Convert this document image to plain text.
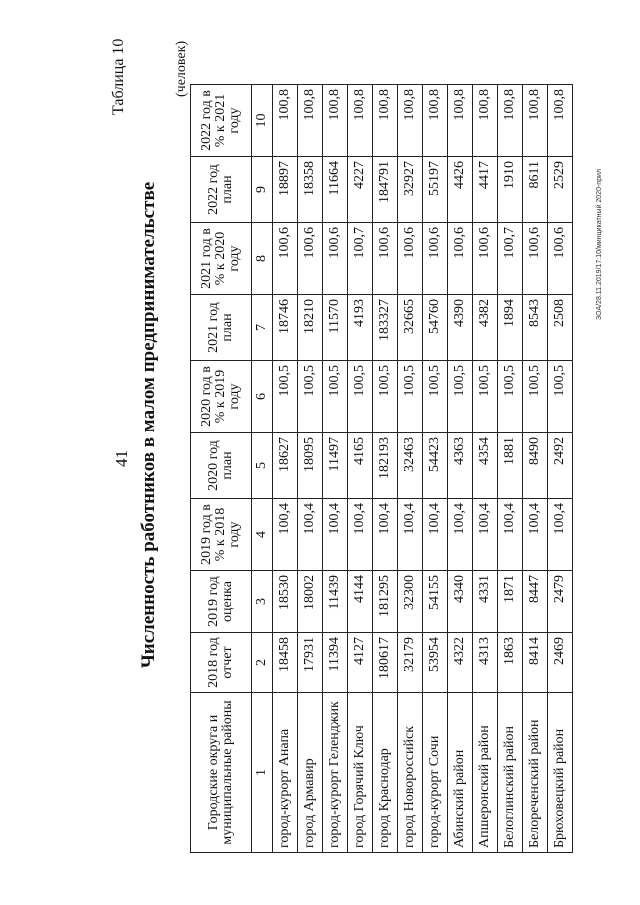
41
Таблица 10
Численность работников в малом предпринимательстве
(человек)
Городские округа и муниципальные районы	2018 год отчет	2019 год оценка	2019 год в % к 2018 году	2020 год план	2020 год в % к 2019 году	2021 год план	2021 год в % к 2020 году	2022 год план	2022 год в % к 2021 году
1	2	3	4	5	6	7	8	9	10
город-курорт Анапа	18458	18530	100,4	18627	100,5	18746	100,6	18897	100,8
город Армавир	17931	18002	100,4	18095	100,5	18210	100,6	18358	100,8
город-курорт Геленджик	11394	11439	100,4	11497	100,5	11570	100,6	11664	100,8
город Горячий Ключ	4127	4144	100,4	4165	100,5	4193	100,7	4227	100,8
город Краснодар	180617	181295	100,4	182193	100,5	183327	100,6	184791	100,8
город Новороссийск	32179	32300	100,4	32463	100,5	32665	100,6	32927	100,8
город-курорт Сочи	53954	54155	100,4	54423	100,5	54760	100,6	55197	100,8
Абинский район	4322	4340	100,4	4363	100,5	4390	100,6	4426	100,8
Апшеронский район	4313	4331	100,4	4354	100,5	4382	100,6	4417	100,8
Белоглинский район	1863	1871	100,4	1881	100,5	1894	100,7	1910	100,8
Белореченский район	8414	8447	100,4	8490	100,5	8543	100,6	8611	100,8
Брюховецкий район	2469	2479	100,4	2492	100,5	2508	100,6	2529	100,8
ЗОА/28.11.2019/17:10/минцикатный 2020-прил
